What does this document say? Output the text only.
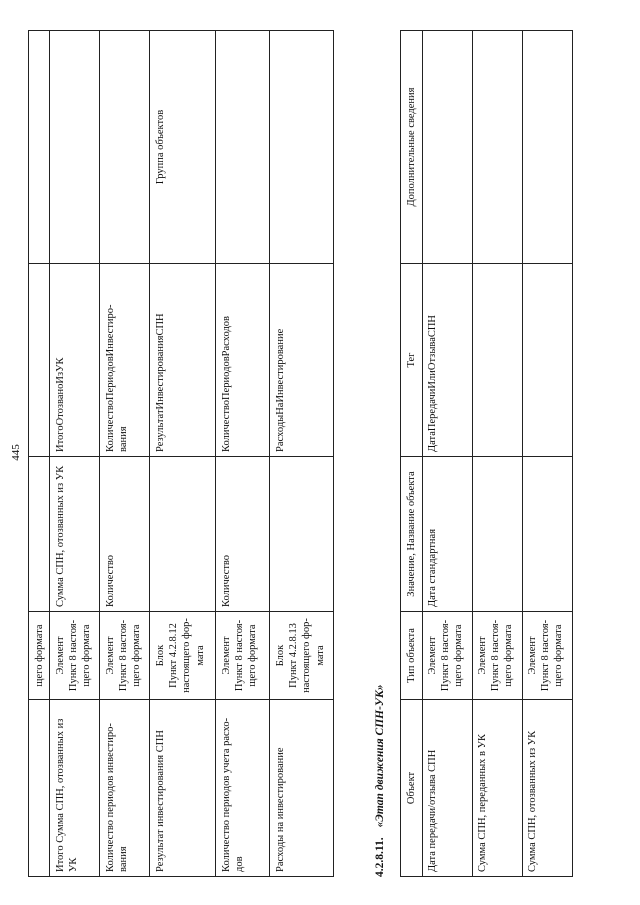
445
	щего формата			
Итого Сумма СПН, отозванных из УК	Элемент Пункт 8 настоя- щего формата	Сумма СПН, отозванных из УК	ИтогоОтозваноИзУК	
Количество периодов инвестиро- вания	Элемент Пункт 8 настоя- щего формата	Количество	КоличествоПериодовИнвестиро- вания	
Результат инвестирования СПН	Блок Пункт 4.2.8.12 настоящего фор- мата		РезультатИнвестированияСПН	Группа объектов
Количество периодов учета расхо- дов	Элемент Пункт 8 настоя- щего формата	Количество	КоличествоПериодовРасходов	
Расходы на инвестирование	Блок Пункт 4.2.8.13 настоящего фор- мата		РасходыНаИнвестирование	
4.2.8.11.«Этап движения СПН-УК» Объект	Тип объекта	Значение, Название объекта	Тег	Дополнительные сведения
Дата передачи/отзыва СПН	Элемент Пункт 8 настоя- щего формата	Дата стандартная	ДатаПередачиИлиОтзываСПН	
Сумма СПН, переданных в УК	Элемент Пункт 8 настоя- щего формата			
Сумма СПН, отозванных из УК	Элемент Пункт 8 настоя- щего формата			
